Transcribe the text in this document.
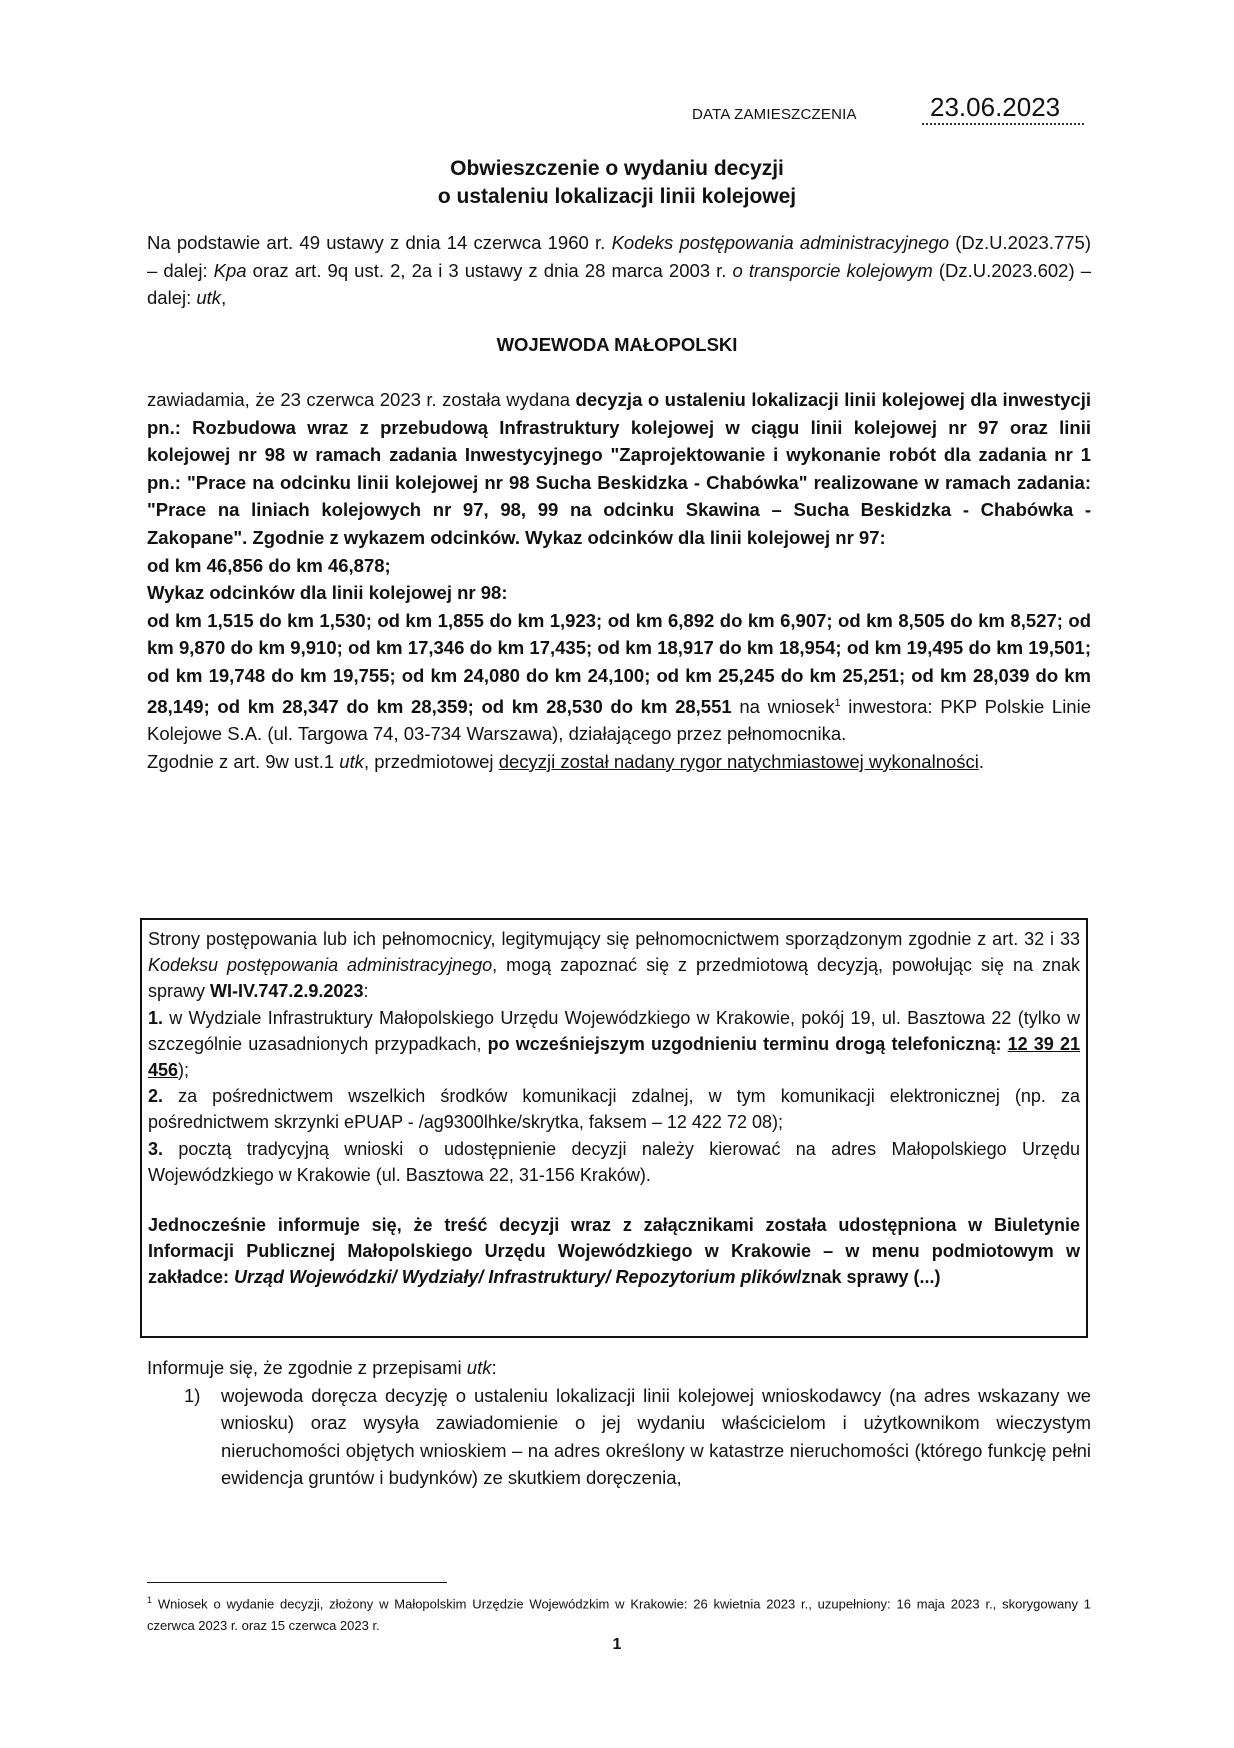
DATA ZAMIESZCZENIA	23.06.2023
Obwieszczenie o wydaniu decyzji
o ustaleniu lokalizacji linii kolejowej
Na podstawie art. 49 ustawy z dnia 14 czerwca 1960 r. Kodeks postępowania administracyjnego (Dz.U.2023.775) – dalej: Kpa oraz art. 9q ust. 2, 2a i 3 ustawy z dnia 28 marca 2003 r. o transporcie kolejowym (Dz.U.2023.602) – dalej: utk,
WOJEWODA MAŁOPOLSKI
zawiadamia, że 23 czerwca 2023 r. została wydana decyzja o ustaleniu lokalizacji linii kolejowej dla inwestycji pn.: Rozbudowa wraz z przebudową Infrastruktury kolejowej w ciągu linii kolejowej nr 97 oraz linii kolejowej nr 98 w ramach zadania Inwestycyjnego "Zaprojektowanie i wykonanie robót dla zadania nr 1 pn.: "Prace na odcinku linii kolejowej nr 98 Sucha Beskidzka - Chabówka" realizowane w ramach zadania: "Prace na liniach kolejowych nr 97, 98, 99 na odcinku Skawina – Sucha Beskidzka - Chabówka - Zakopane". Zgodnie z wykazem odcinków. Wykaz odcinków dla linii kolejowej nr 97:
od km 46,856 do km 46,878;
Wykaz odcinków dla linii kolejowej nr 98:
od km 1,515 do km 1,530; od km 1,855 do km 1,923; od km 6,892 do km 6,907; od km 8,505 do km 8,527; od km 9,870 do km 9,910; od km 17,346 do km 17,435; od km 18,917 do km 18,954; od km 19,495 do km 19,501; od km 19,748 do km 19,755; od km 24,080 do km 24,100; od km 25,245 do km 25,251; od km 28,039 do km 28,149; od km 28,347 do km 28,359; od km 28,530 do km 28,551 na wniosek$^1$ inwestora: PKP Polskie Linie Kolejowe S.A. (ul. Targowa 74, 03-734 Warszawa), działającego przez pełnomocnika.
Zgodnie z art. 9w ust.1 utk, przedmiotowej decyzji został nadany rygor natychmiastowej wykonalności.

Strony postępowania lub ich pełnomocnicy, legitymujący się pełnomocnictwem sporządzonym zgodnie z art. 32 i 33 Kodeksu postępowania administracyjnego, mogą zapoznać się z przedmiotową decyzją, powołując się na znak sprawy WI-IV.747.2.9.2023:

1. w Wydziale Infrastruktury Małopolskiego Urzędu Wojewódzkiego w Krakowie, pokój 19, ul. Basztowa 22 (tylko w szczególnie uzasadnionych przypadkach, po wcześniejszym uzgodnieniu terminu drogą telefoniczną: 12 39 21 456);

2. za pośrednictwem wszelkich środków komunikacji zdalnej, w tym komunikacji elektronicznej (np. za pośrednictwem skrzynki ePUAP - /ag9300lhke/skrytka, faksem – 12 422 72 08);

3. pocztą tradycyjną wnioski o udostępnienie decyzji należy kierować na adres Małopolskiego Urzędu Wojewódzkiego w Krakowie (ul. Basztowa 22, 31-156 Kraków).

Jednocześnie informuje się, że treść decyzji wraz z załącznikami została udostępniona w Biuletynie Informacji Publicznej Małopolskiego Urzędu Wojewódzkiego w Krakowie – w menu podmiotowym w zakładce: Urząd Wojewódzki/ Wydziały/ Infrastruktury/ Repozytorium plików/znak sprawy (...)

Informuje się, że zgodnie z przepisami utk:
1) wojewoda doręcza decyzję o ustaleniu lokalizacji linii kolejowej wnioskodawcy (na adres wskazany we wniosku) oraz wysyła zawiadomienie o jej wydaniu właścicielom i użytkownikom wieczystym nieruchomości objętych wnioskiem – na adres określony w katastrze nieruchomości (którego funkcję pełni ewidencja gruntów i budynków) ze skutkiem doręczenia,
$^1$ Wniosek o wydanie decyzji, złożony w Małopolskim Urzędzie Wojewódzkim w Krakowie: 26 kwietnia 2023 r., uzupełniony: 16 maja 2023 r., skorygowany 1 czerwca 2023 r. oraz 15 czerwca 2023 r.
1
